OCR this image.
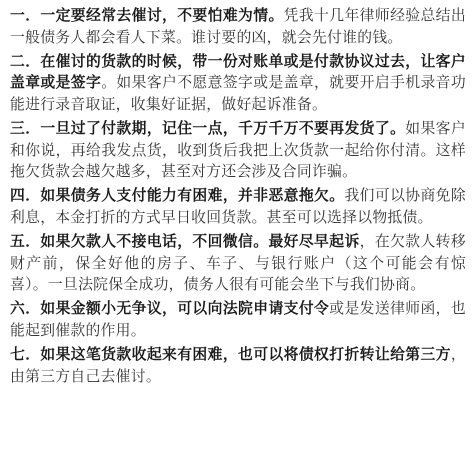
一．一定要经常去催讨，不要怕难为情。凭我十几年律师经验总结出一般债务人都会看人下菜。谁讨要的凶，就会先付谁的钱。

二．在催讨的货款的时候，带一份对账单或是付款协议过去，让客户盖章或是签字。如果客户不愿意签字或是盖章，就要开启手机录音功能进行录音取证，收集好证据，做好起诉准备。

三．一旦过了付款期，记住一点，千万千万不要再发货了。如果客户和你说，再给我发点货，收到货后我把上次货款一起给你付清。这样拖欠货款会越欠越多，甚至对方还会涉及合同诈骗。

四．如果债务人支付能力有困难，并非恶意拖欠。我们可以协商免除利息，本金打折的方式早日收回货款。甚至可以选择以物抵债。

五．如果欠款人不接电话，不回微信。最好尽早起诉，在欠款人转移财产前，保全好他的房子、车子、与银行账户（这个可能会有惊喜）。一旦法院保全成功，债务人很有可能会坐下与我们协商。

六．如果金额小无争议，可以向法院申请支付令或是发送律师函，也能起到催款的作用。

七．如果这笔货款收起来有困难，也可以将债权打折转让给第三方，由第三方自己去催讨。
